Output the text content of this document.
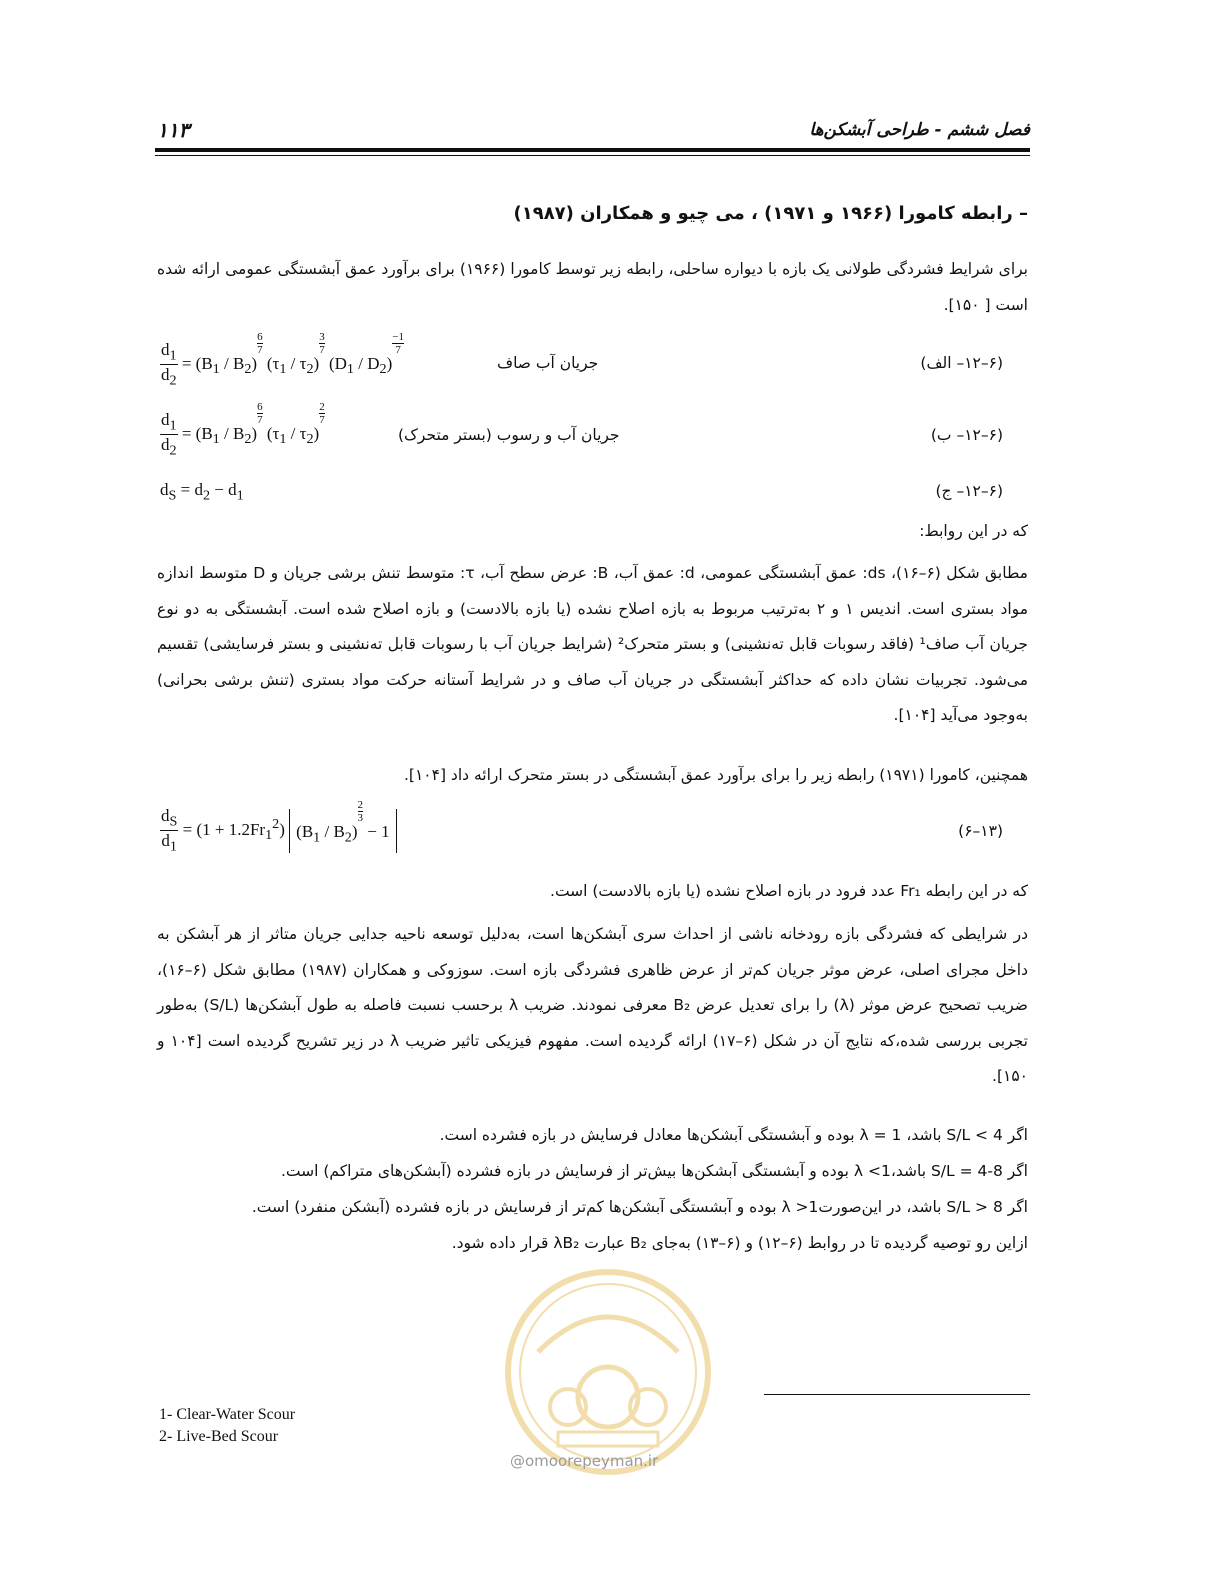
فصل ششم - طراحی آبشکن‌ها
۱۱۳
– رابطه کامورا (۱۹۶۶ و ۱۹۷۱) ، می چیو و همکاران (۱۹۸۷)
برای شرایط فشردگی طولانی یک بازه با دیواره ساحلی، رابطه زیر توسط کامورا (۱۹۶۶) برای برآورد عمق آبشستگی عمومی ارائه شده است [ ۱۵۰].
$\frac{d_1}{d_2} = (B_1 / B_2)$
$\frac{6}{7}$
$(\tau_1 / \tau_2)$
$\frac{3}{7}$
$(D_1 / D_2)$
$\frac{-1}{7}$
جریان آب صاف	(۶–۱۲– الف)
$\frac{d_1}{d_2} = (B_1 / B_2)$
$\frac{6}{7}$
$(\tau_1 / \tau_2)$
$\frac{2}{7}$
جریان آب و رسوب (بستر متحرک)	(۶–۱۲– ب)
$d_S = d_2 - d_1$	(۶–۱۲– ج)
که در این روابط:
مطابق شکل (۶–۱۶)، ds: عمق آبشستگی عمومی، d: عمق آب، B: عرض سطح آب، τ: متوسط تنش برشی جریان و D متوسط اندازه مواد بستری است. اندیس ۱ و ۲ به‌ترتیب مربوط به بازه اصلاح نشده (یا بازه بالادست) و بازه اصلاح شده است. آبشستگی به دو نوع جریان آب صاف¹ (فاقد رسوبات قابل ته‌نشینی) و بستر متحرک² (شرایط جریان آب با رسوبات قابل ته‌نشینی و بستر فرسایشی) تقسیم می‌شود. تجربیات نشان داده که حداکثر آبشستگی در جریان آب صاف و در شرایط آستانه حرکت مواد بستری (تنش برشی بحرانی) به‌وجود می‌آید [۱۰۴].
همچنین، کامورا (۱۹۷۱) رابطه زیر را برای برآورد عمق آبشستگی در بستر متحرک ارائه داد [۱۰۴].
$\frac{d_S}{d_1} = (1 + 1.2Fr_1^2)$ $(B_1 / B_2)$
$\frac{2}{3}$
− 1	(۱۳–۶)
که در این رابطه Fr₁ عدد فرود در بازه اصلاح نشده (یا بازه بالادست) است.
در شرایطی که فشردگی بازه رودخانه ناشی از احداث سری آبشکن‌ها است، به‌دلیل توسعه ناحیه جدایی جریان متاثر از هر آبشکن به داخل مجرای اصلی، عرض موثر جریان کم‌تر از عرض ظاهری فشردگی بازه است. سوزوکی و همکاران (۱۹۸۷) مطابق شکل (۶–۱۶)، ضریب تصحیح عرض موثر (λ) را برای تعدیل عرض B₂ معرفی نمودند. ضریب λ برحسب نسبت فاصله به طول آبشکن‌ها (S/L) به‌طور تجربی بررسی شده،که نتایج آن در شکل (۶–۱۷) ارائه گردیده است. مفهوم فیزیکی تاثیر ضریب λ در زیر تشریح گردیده است [۱۰۴ و ۱۵۰].
اگر S/L < 4 باشد، λ = 1 بوده و آبشستگی آبشکن‌ها معادل فرسایش در بازه فشرده است.
اگر S/L = 4-8 باشد،1> λ بوده و آبشستگی آبشکن‌ها بیش‌تر از فرسایش در بازه فشرده (آبشکن‌های متراکم) است.
اگر S/L > 8 باشد، در این‌صورت1< λ بوده و آبشستگی آبشکن‌ها کم‌تر از فرسایش در بازه فشرده (آبشکن منفرد) است.
ازاین رو توصیه گردیده تا در روابط (۶–۱۲) و (۶–۱۳) به‌جای B₂ عبارت λB₂ قرار داده شود.
@omoorepeyman.ir
1- Clear-Water Scour
2- Live-Bed Scour
